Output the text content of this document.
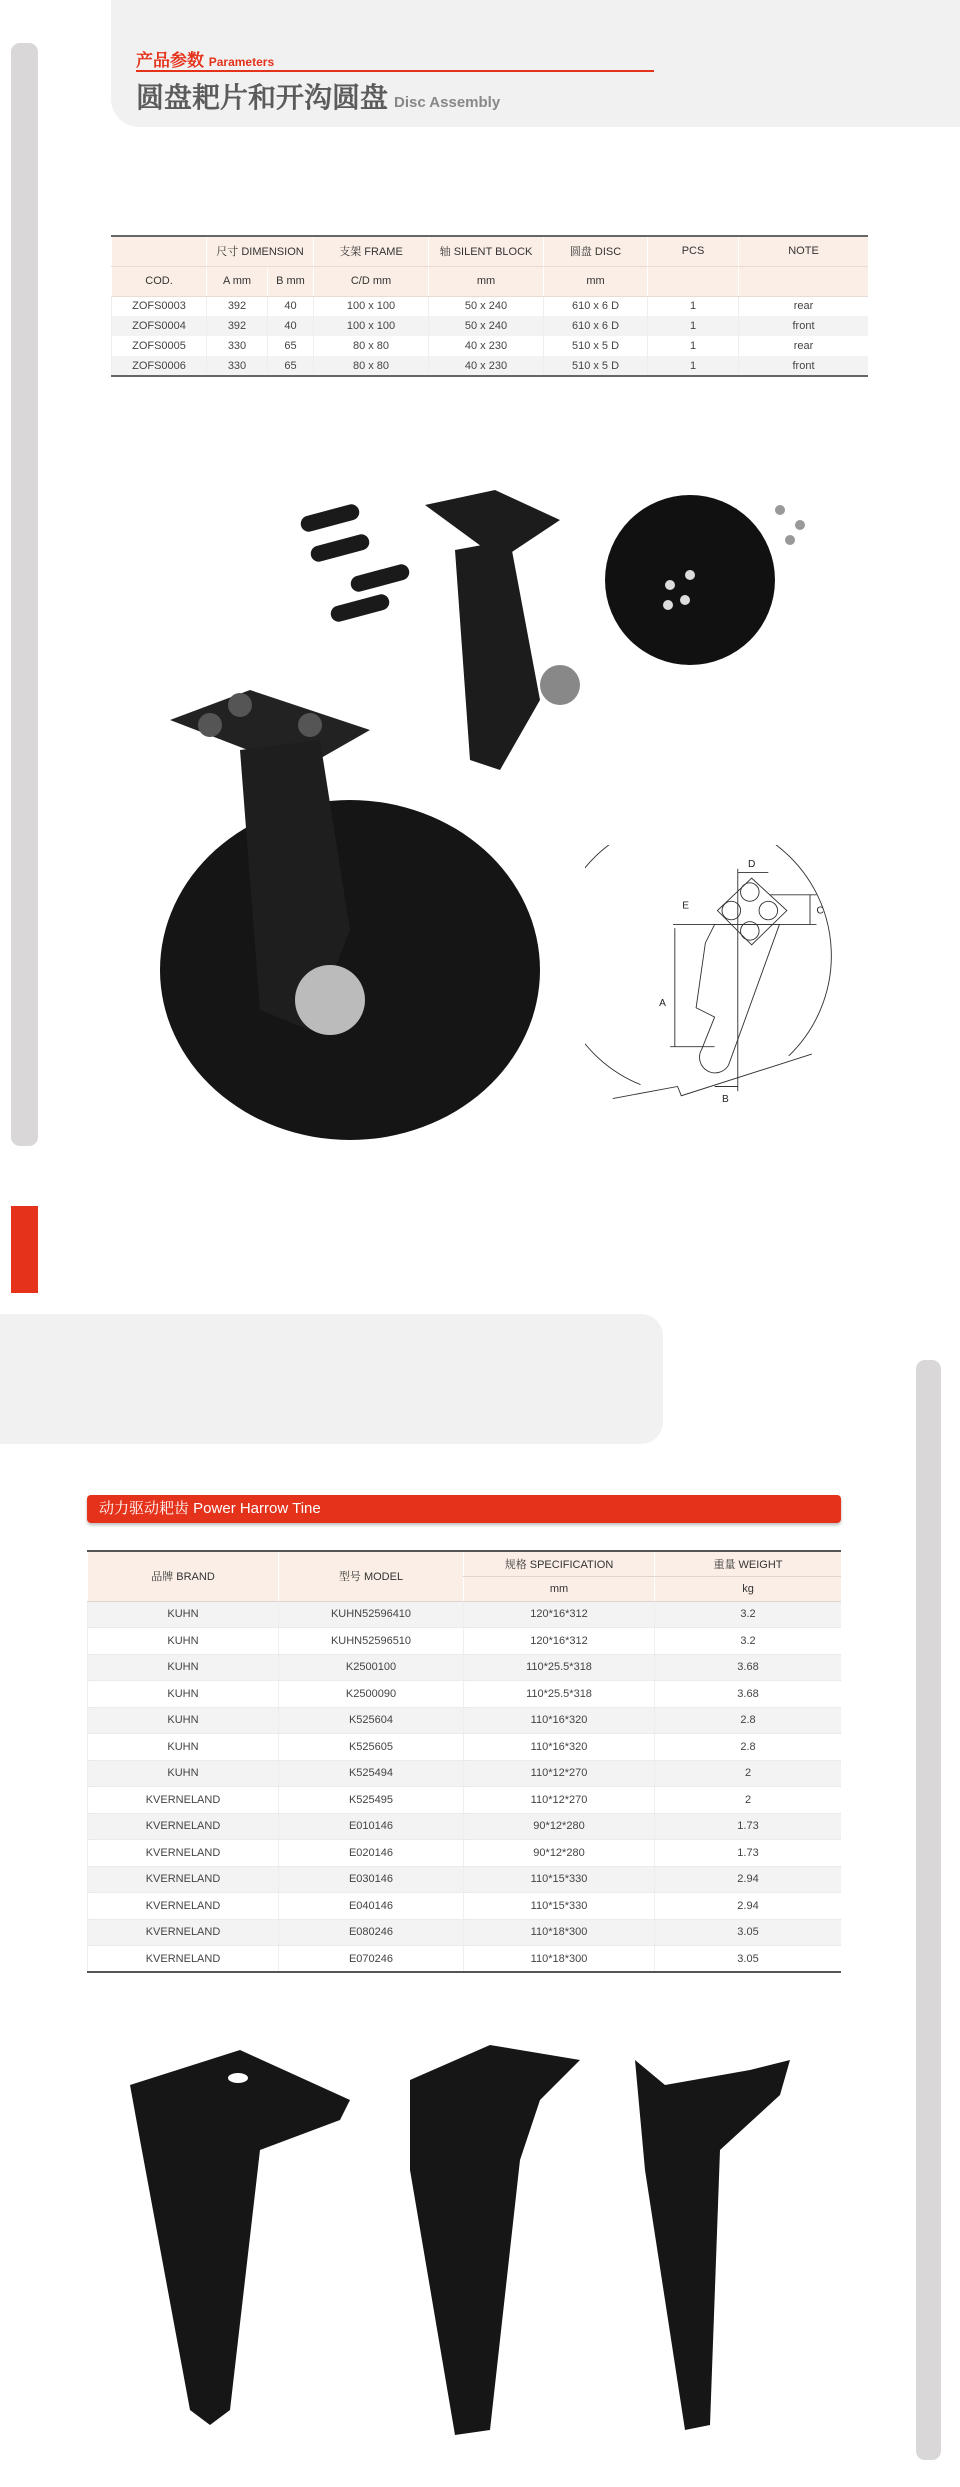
产品参数 Parameters
圆盘耙片和开沟圆盘 Disc Assembly
	尺寸 DIMENSION		支架 FRAME	轴 SILENT BLOCK	圆盘 DISC	PCS	NOTE
COD.	A mm	B mm	C/D mm	mm	mm		
ZOFS0003	392	40	100 x 100	50 x 240	610 x 6 D	1	rear
ZOFS0004	392	40	100 x 100	50 x 240	610 x 6 D	1	front
ZOFS0005	330	65	80 x 80	40 x 230	510 x 5 D	1	rear
ZOFS0006	330	65	80 x 80	40 x 230	510 x 5 D	1	front
D
C
E
A
B
动力驱动耙齿 Power Harrow Tine
品牌 BRAND	型号 MODEL	规格 SPECIFICATION	重量 WEIGHT
		mm	kg
KUHN	KUHN52596410	120*16*312	3.2
KUHN	KUHN52596510	120*16*312	3.2
KUHN	K2500100	110*25.5*318	3.68
KUHN	K2500090	110*25.5*318	3.68
KUHN	K525604	110*16*320	2.8
KUHN	K525605	110*16*320	2.8
KUHN	K525494	110*12*270	2
KVERNELAND	K525495	110*12*270	2
KVERNELAND	E010146	90*12*280	1.73
KVERNELAND	E020146	90*12*280	1.73
KVERNELAND	E030146	110*15*330	2.94
KVERNELAND	E040146	110*15*330	2.94
KVERNELAND	E080246	110*18*300	3.05
KVERNELAND	E070246	110*18*300	3.05
